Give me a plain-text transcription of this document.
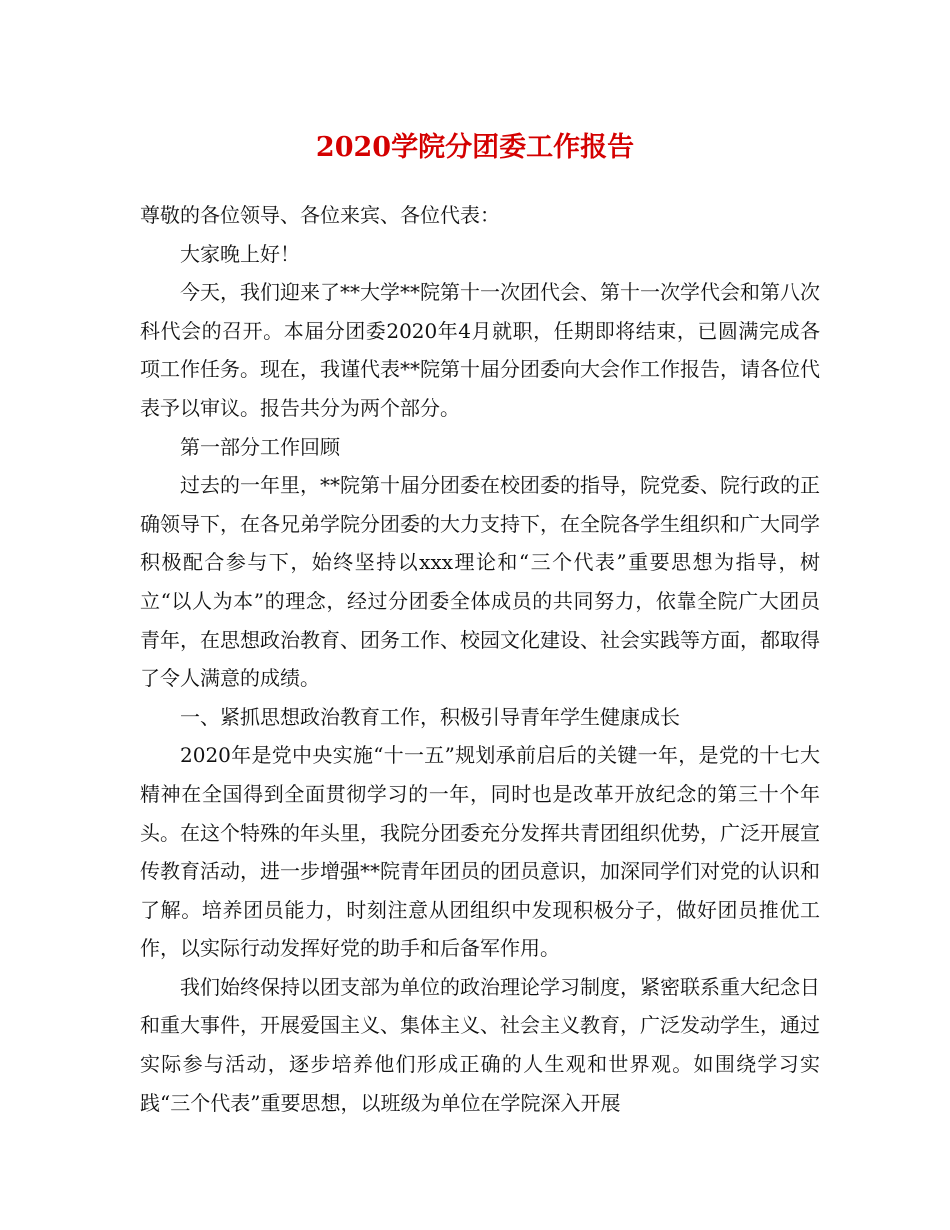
2020学院分团委工作报告

尊敬的各位领导、各位来宾、各位代表：

大家晚上好！

今天，我们迎来了**大学**院第十一次团代会、第十一次学代会和第八次科代会的召开。本届分团委2020年4月就职，任期即将结束，已圆满完成各项工作任务。现在，我谨代表**院第十届分团委向大会作工作报告，请各位代表予以审议。报告共分为两个部分。

第一部分工作回顾

过去的一年里，**院第十届分团委在校团委的指导，院党委、院行政的正确领导下，在各兄弟学院分团委的大力支持下，在全院各学生组织和广大同学积极配合参与下，始终坚持以xxx理论和“三个代表”重要思想为指导，树立“以人为本”的理念，经过分团委全体成员的共同努力，依靠全院广大团员青年，在思想政治教育、团务工作、校园文化建设、社会实践等方面，都取得了令人满意的成绩。

一、紧抓思想政治教育工作，积极引导青年学生健康成长

2020年是党中央实施“十一五”规划承前启后的关键一年，是党的十七大精神在全国得到全面贯彻学习的一年，同时也是改革开放纪念的第三十个年头。在这个特殊的年头里，我院分团委充分发挥共青团组织优势，广泛开展宣传教育活动，进一步增强**院青年团员的团员意识，加深同学们对党的认识和了解。培养团员能力，时刻注意从团组织中发现积极分子，做好团员推优工作，以实际行动发挥好党的助手和后备军作用。

我们始终保持以团支部为单位的政治理论学习制度，紧密联系重大纪念日和重大事件，开展爱国主义、集体主义、社会主义教育，广泛发动学生，通过实际参与活动，逐步培养他们形成正确的人生观和世界观。如围绕学习实践“三个代表”重要思想，以班级为单位在学院深入开展
